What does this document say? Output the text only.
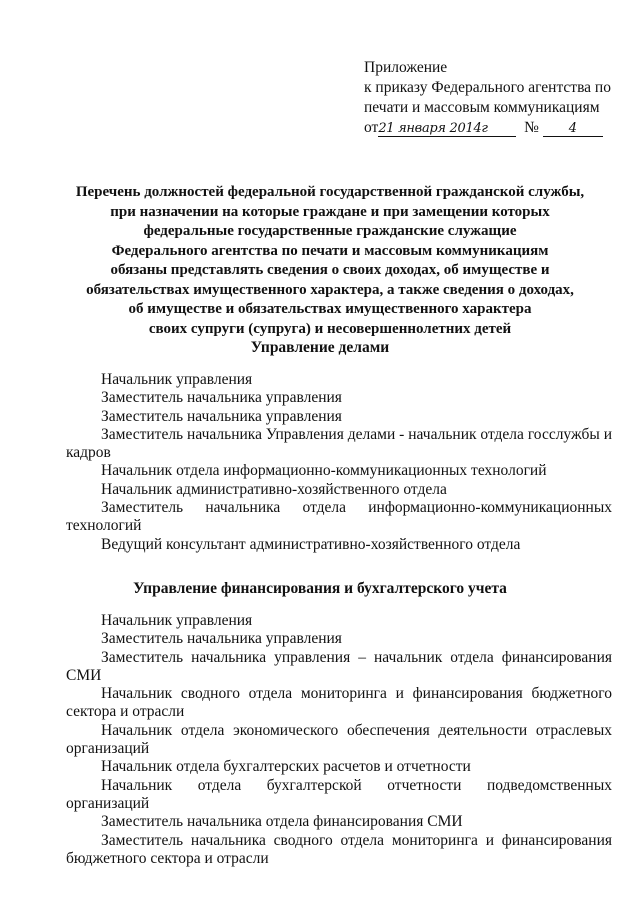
Приложение
к приказу Федерального агентства по
печати и массовым коммуникациям
от21 января 2014г № 4
Перечень должностей федеральной государственной гражданской службы,
при назначении на которые граждане и при замещении которых
федеральные государственные гражданские служащие
Федерального агентства по печати и массовым коммуникациям
обязаны представлять сведения о своих доходах, об имуществе и
обязательствах имущественного характера, а также сведения о доходах,
об имуществе и обязательствах имущественного характера
своих супруги (супруга) и несовершеннолетних детей
Управление делами
Начальник управления
Заместитель начальника управления
Заместитель начальника управления
Заместитель начальника Управления делами - начальник отдела госслужбы и кадров
Начальник отдела информационно-коммуникационных технологий
Начальник административно-хозяйственного отдела
Заместитель начальника отдела информационно-коммуникационных технологий
Ведущий консультант административно-хозяйственного отдела
Управление финансирования и бухгалтерского учета
Начальник управления
Заместитель начальника управления
Заместитель начальника управления – начальник отдела финансирования СМИ
Начальник сводного отдела мониторинга и финансирования бюджетного сектора и отрасли
Начальник отдела экономического обеспечения деятельности отраслевых организаций
Начальник отдела бухгалтерских расчетов и отчетности
Начальник отдела бухгалтерской отчетности подведомственных организаций
Заместитель начальника отдела финансирования СМИ
Заместитель начальника сводного отдела мониторинга и финансирования бюджетного сектора и отрасли
